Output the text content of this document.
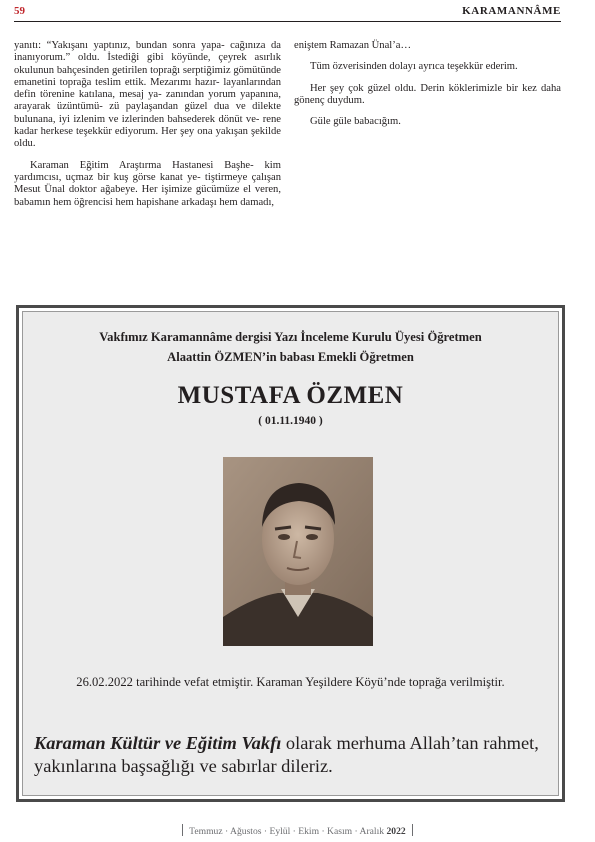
59	KARAMANNÂME

yanıtı: “Yakışanı yaptınız, bundan sonra yapa- cağınıza da inanıyorum.” oldu. İstediği gibi köyünde, çeyrek asırlık okulunun bahçesinden getirilen toprağı serptiğimiz gömütünde emanetini toprağa teslim ettik. Mezarımı hazır- layanlarından defin törenine katılana, mesaj ya- zanından yorum yapanına, arayarak üzüntümü- zü paylaşandan güzel dua ve dilekte bulunana, iyi izlenim ve izlerinden bahsederek dönüt ve- rene kadar herkese teşekkür ediyorum. Her şey ona yakışan şekilde oldu.

Karaman Eğitim Araştırma Hastanesi Başhe- kim yardımcısı, uçmaz bir kuş görse kanat ye- tiştirmeye çalışan Mesut Ünal doktor ağabeye. Her işimize gücümüze el veren, babamın hem öğrencisi hem hapishane arkadaşı hem damadı,

eniştem Ramazan Ünal’a…

Tüm özverisinden dolayı ayrıca teşekkür ederim.

Her şey çok güzel oldu. Derin köklerimizle bir kez daha gönenç duydum.

Güle güle babacığım.

Vakfımız Karamannâme dergisi Yazı İnceleme Kurulu Üyesi Öğretmen
Alaattin ÖZMEN’in babası Emekli Öğretmen
MUSTAFA ÖZMEN
( 01.11.1940 )
26.02.2022 tarihinde vefat etmiştir. Karaman Yeşildere Köyü’nde toprağa verilmiştir.
Karaman Kültür ve Eğitim Vakfı olarak merhuma Allah’tan rahmet, yakınlarına başsağlığı ve sabırlar dileriz.
Temmuz · Ağustos · Eylül · Ekim · Kasım · Aralık 2022
